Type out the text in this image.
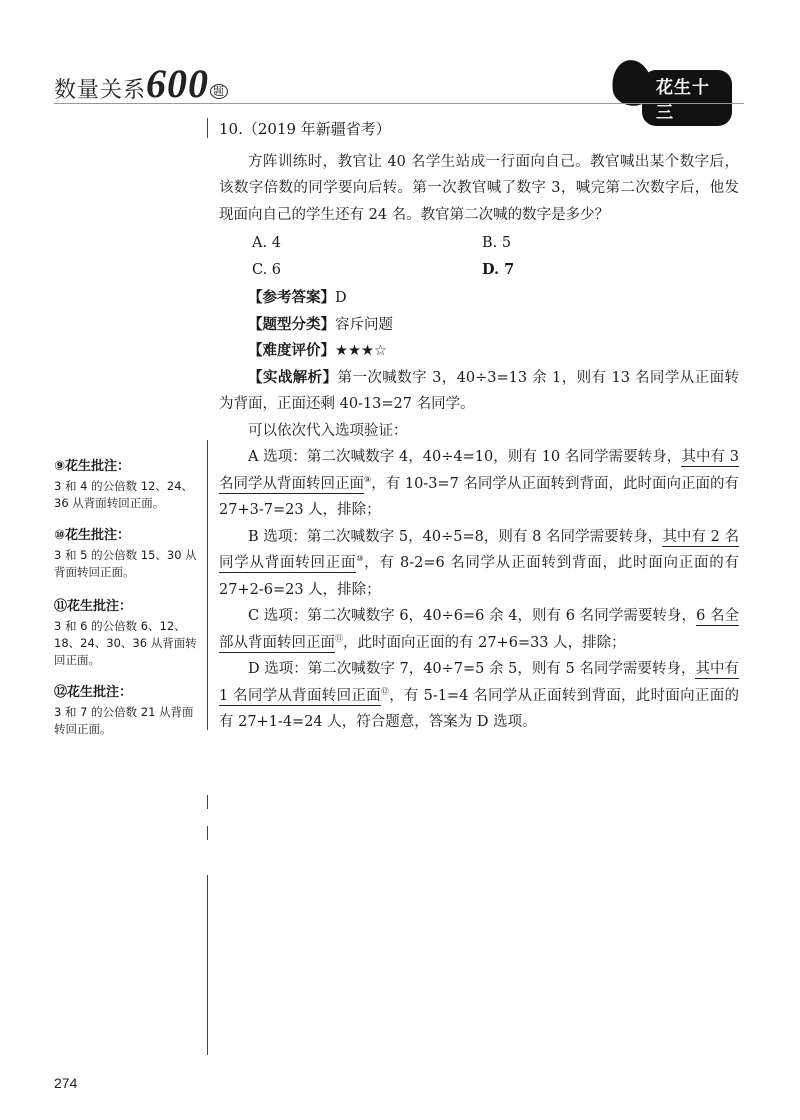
数量关系600 题	花生十三
10.（2019 年新疆省考）

方阵训练时，教官让 40 名学生站成一行面向自己。教官喊出某个数字后，该数字倍数的同学要向后转。第一次教官喊了数字 3，喊完第二次数字后，他发现面向自己的学生还有 24 名。教官第二次喊的数字是多少？

A. 4	B. 5
C. 6	D. 7

【参考答案】D

【题型分类】容斥问题

【难度评价】★★★☆

【实战解析】第一次喊数字 3，40÷3=13 余 1，则有 13 名同学从正面转为背面，正面还剩 40-13=27 名同学。

可以依次代入选项验证：

A 选项：第二次喊数字 4，40÷4=10，则有 10 名同学需要转身，其中有 3 名同学从背面转回正面⑨，有 10-3=7 名同学从正面转到背面，此时面向正面的有 27+3-7=23 人，排除；

B 选项：第二次喊数字 5，40÷5=8，则有 8 名同学需要转身，其中有 2 名同学从背面转回正面⑩，有 8-2=6 名同学从正面转到背面，此时面向正面的有 27+2-6=23 人，排除；

C 选项：第二次喊数字 6，40÷6=6 余 4，则有 6 名同学需要转身，6 名全部从背面转回正面⑪，此时面向正面的有 27+6=33 人，排除；

D 选项：第二次喊数字 7，40÷7=5 余 5，则有 5 名同学需要转身，其中有 1 名同学从背面转回正面⑫，有 5-1=4 名同学从正面转到背面，此时面向正面的有 27+1-4=24 人，符合题意，答案为 D 选项。

⑨花生批注：
3 和 4 的公倍数 12、24、36 从背面转回正面。
⑩花生批注：
3 和 5 的公倍数 15、30 从背面转回正面。
⑪花生批注：
3 和 6 的公倍数 6、12、18、24、30、36 从背面转回正面。
⑫花生批注：
3 和 7 的公倍数 21 从背面转回正面。
274
